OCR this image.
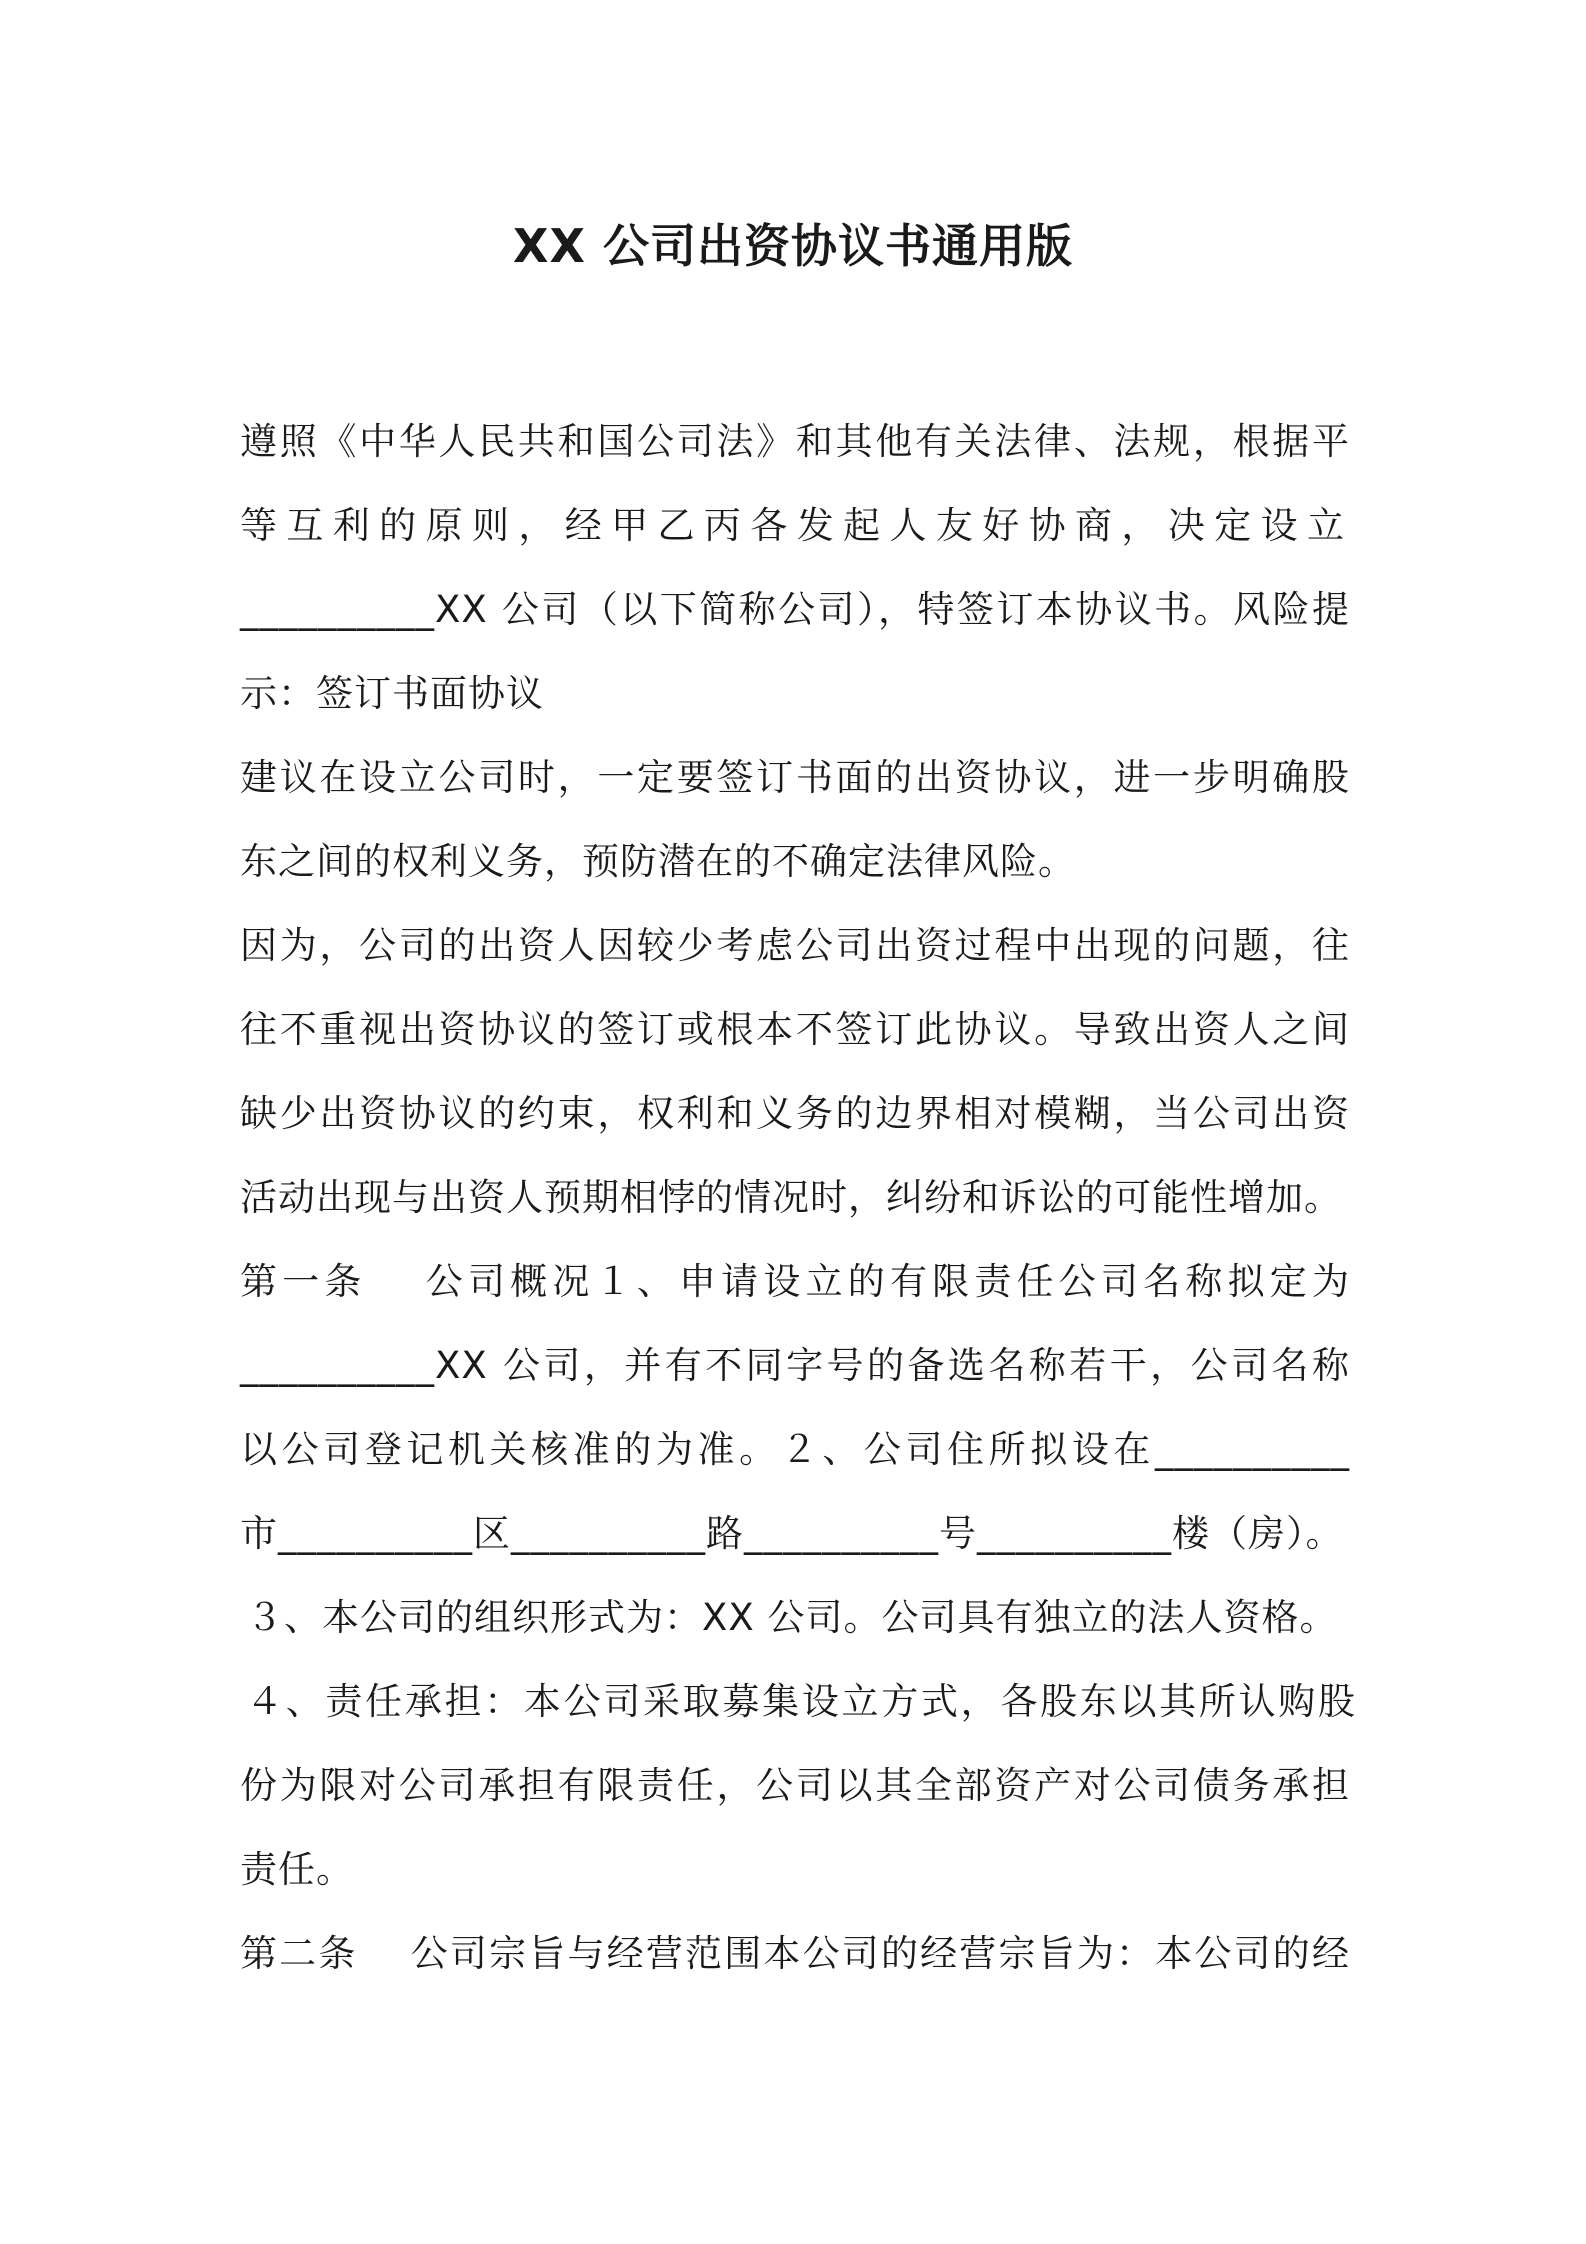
XX 公司出资协议书通用版
遵照《中华人民共和国公司法》和其他有关法律、法规，根据平
等互利的原则，经甲乙丙各发起人友好协商，决定设立
__________XX 公司（以下简称公司），特签订本协议书。风险提
示：签订书面协议
建议在设立公司时，一定要签订书面的出资协议，进一步明确股
东之间的权利义务，预防潜在的不确定法律风险。
因为，公司的出资人因较少考虑公司出资过程中出现的问题，往
往不重视出资协议的签订或根本不签订此协议。导致出资人之间
缺少出资协议的约束，权利和义务的边界相对模糊，当公司出资
活动出现与出资人预期相悖的情况时，纠纷和诉讼的可能性增加。
第一条　 公司概况１、申请设立的有限责任公司名称拟定为
__________XX 公司，并有不同字号的备选名称若干，公司名称
以公司登记机关核准的为准。２、公司住所拟设在__________
市__________区__________路__________号__________楼（房）。
３、本公司的组织形式为：XX 公司。公司具有独立的法人资格。
４、责任承担：本公司采取募集设立方式，各股东以其所认购股
份为限对公司承担有限责任，公司以其全部资产对公司债务承担
责任。
第二条　 公司宗旨与经营范围本公司的经营宗旨为：本公司的经
